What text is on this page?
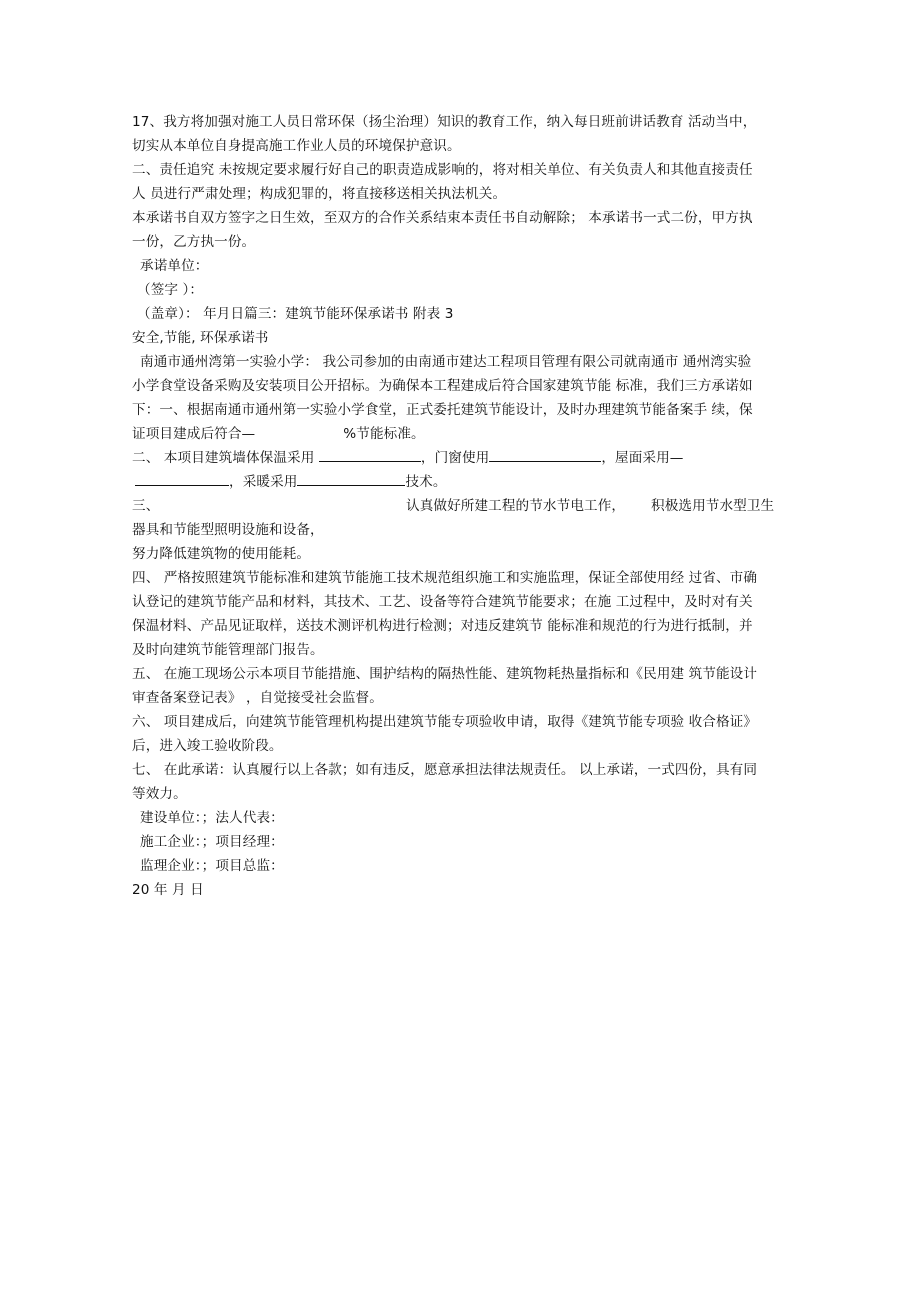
17、我方将加强对施工人员日常环保（扬尘治理）知识的教育工作，纳入每日班前讲话教育 活动当中，
切实从本单位自身提高施工作业人员的环境保护意识。
二、责任追究 未按规定要求履行好自己的职责造成影响的，将对相关单位、有关负责人和其他直接责任
人 员进行严肃处理；构成犯罪的，将直接移送相关执法机关。
本承诺书自双方签字之日生效，至双方的合作关系结束本责任书自动解除； 本承诺书一式二份，甲方执
一份，乙方执一份。
承诺单位：
（签字 ）：
（盖章）： 年月日篇三：建筑节能环保承诺书 附表 3
安全,节能, 环保承诺书
南通市通州湾第一实验小学： 我公司参加的由南通市建达工程项目管理有限公司就南通市 通州湾实验
小学食堂设备采购及安装项目公开招标。为确保本工程建成后符合国家建筑节能 标准，我们三方承诺如
下：一、根据南通市通州第一实验小学食堂，正式委托建筑节能设计，及时办理建筑节能备案手 续，保
证项目建成后符合—	%节能标准。
二、 本项目建筑墙体保温采用	，门窗使用	，屋面采用—
，采暖采用	技术。
三、	认真做好所建工程的节水节电工作， 积极选用节水型卫生
器具和节能型照明设施和设备，
努力降低建筑物的使用能耗。
四、 严格按照建筑节能标准和建筑节能施工技术规范组织施工和实施监理，保证全部使用经 过省、市确
认登记的建筑节能产品和材料，其技术、工艺、设备等符合建筑节能要求；在施 工过程中，及时对有关
保温材料、产品见证取样，送技术测评机构进行检测；对违反建筑节 能标准和规范的行为进行抵制，并
及时向建筑节能管理部门报告。
五、 在施工现场公示本项目节能措施、围护结构的隔热性能、建筑物耗热量指标和《民用建 筑节能设计
审查备案登记表》 ，自觉接受社会监督。
六、 项目建成后，向建筑节能管理机构提出建筑节能专项验收申请，取得《建筑节能专项验 收合格证》
后，进入竣工验收阶段。
七、 在此承诺：认真履行以上各款；如有违反，愿意承担法律法规责任。 以上承诺，一式四份，具有同
等效力。
建设单位：；法人代表：
施工企业：；项目经理：
监理企业：；项目总监：
20 年 月 日
